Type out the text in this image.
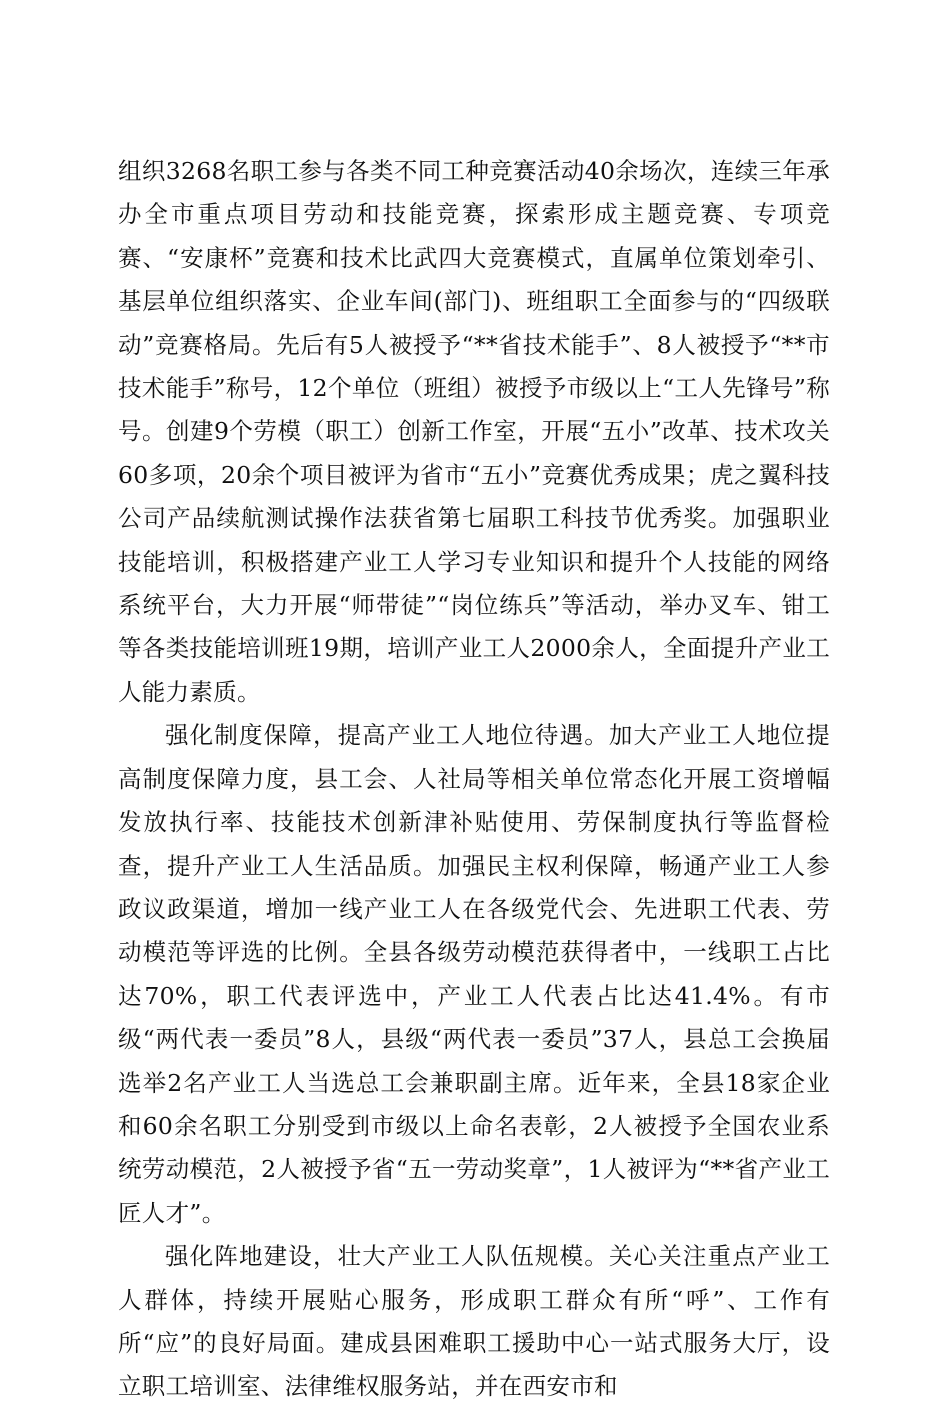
组织3268名职工参与各类不同工种竞赛活动40余场次，连续三年承办全市重点项目劳动和技能竞赛，探索形成主题竞赛、专项竞赛、“安康杯”竞赛和技术比武四大竞赛模式，直属单位策划牵引、基层单位组织落实、企业车间(部门)、班组职工全面参与的“四级联动”竞赛格局。先后有5人被授予“**省技术能手”、8人被授予“**市技术能手”称号，12个单位（班组）被授予市级以上“工人先锋号”称号。创建9个劳模（职工）创新工作室，开展“五小”改革、技术攻关60多项，20余个项目被评为省市“五小”竞赛优秀成果；虎之翼科技公司产品续航测试操作法获省第七届职工科技节优秀奖。加强职业技能培训，积极搭建产业工人学习专业知识和提升个人技能的网络系统平台，大力开展“师带徒”“岗位练兵”等活动，举办叉车、钳工等各类技能培训班19期，培训产业工人2000余人，全面提升产业工人能力素质。

强化制度保障，提高产业工人地位待遇。加大产业工人地位提高制度保障力度，县工会、人社局等相关单位常态化开展工资增幅发放执行率、技能技术创新津补贴使用、劳保制度执行等监督检查，提升产业工人生活品质。加强民主权利保障，畅通产业工人参政议政渠道，增加一线产业工人在各级党代会、先进职工代表、劳动模范等评选的比例。全县各级劳动模范获得者中，一线职工占比达70%，职工代表评选中，产业工人代表占比达41.4%。有市级“两代表一委员”8人，县级“两代表一委员”37人，县总工会换届选举2名产业工人当选总工会兼职副主席。近年来，全县18家企业和60余名职工分别受到市级以上命名表彰，2人被授予全国农业系统劳动模范，2人被授予省“五一劳动奖章”，1人被评为“**省产业工匠人才”。

强化阵地建设，壮大产业工人队伍规模。关心关注重点产业工人群体，持续开展贴心服务，形成职工群众有所“呼”、工作有所“应”的良好局面。建成县困难职工援助中心一站式服务大厅，设立职工培训室、法律维权服务站，并在西安市和
